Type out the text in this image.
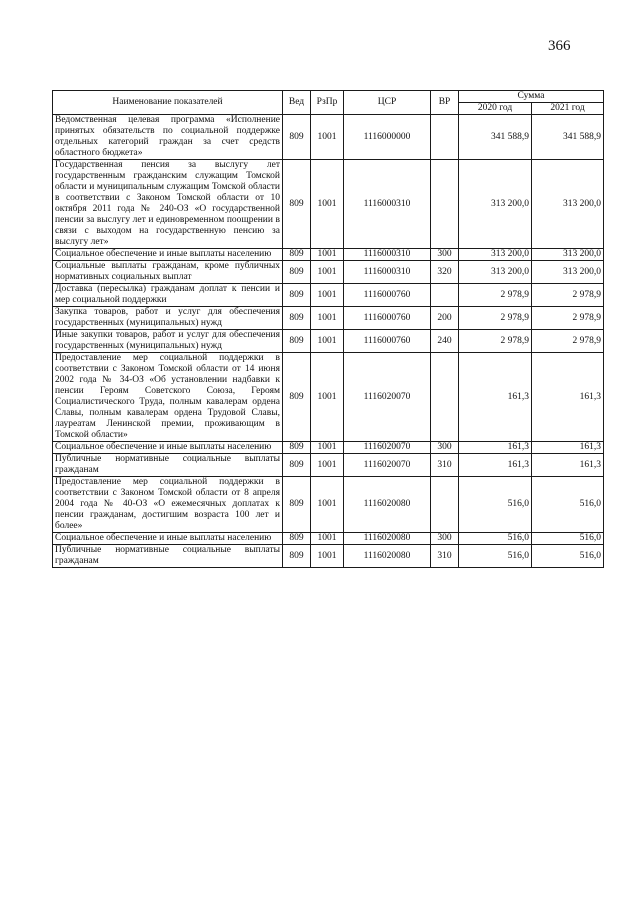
366
Наименование показателей	Вед	РзПр	ЦСР	ВР	Сумма	
					2020 год	2021 год
Ведомственная целевая программа «Исполнение принятых обязательств по социальной поддержке отдельных категорий граждан за счет средств областного бюджета»	809	1001	1116000000		341 588,9	341 588,9
Государственная пенсия за выслугу лет государственным гражданским служащим Томской области и муниципальным служащим Томской области в соответствии с Законом Томской области от 10 октября 2011 года № 240-ОЗ «О государственной пенсии за выслугу лет и единовременном поощрении в связи с выходом на государственную пенсию за выслугу лет»	809	1001	1116000310		313 200,0	313 200,0
Социальное обеспечение и иные выплаты населению	809	1001	1116000310	300	313 200,0	313 200,0
Социальные выплаты гражданам, кроме публичных нормативных социальных выплат	809	1001	1116000310	320	313 200,0	313 200,0
Доставка (пересылка) гражданам доплат к пенсии и мер социальной поддержки	809	1001	1116000760		2 978,9	2 978,9
Закупка товаров, работ и услуг для обеспечения государственных (муниципальных) нужд	809	1001	1116000760	200	2 978,9	2 978,9
Иные закупки товаров, работ и услуг для обеспечения государственных (муниципальных) нужд	809	1001	1116000760	240	2 978,9	2 978,9
Предоставление мер социальной поддержки в соответствии с Законом Томской области от 14 июня 2002 года № 34-ОЗ «Об установлении надбавки к пенсии Героям Советского Союза, Героям Социалистического Труда, полным кавалерам ордена Славы, полным кавалерам ордена Трудовой Славы, лауреатам Ленинской премии, проживающим в Томской области»	809	1001	1116020070		161,3	161,3
Социальное обеспечение и иные выплаты населению	809	1001	1116020070	300	161,3	161,3
Публичные нормативные социальные выплаты гражданам	809	1001	1116020070	310	161,3	161,3
Предоставление мер социальной поддержки в соответствии с Законом Томской области от 8 апреля 2004 года № 40-ОЗ «О ежемесячных доплатах к пенсии гражданам, достигшим возраста 100 лет и более»	809	1001	1116020080		516,0	516,0
Социальное обеспечение и иные выплаты населению	809	1001	1116020080	300	516,0	516,0
Публичные нормативные социальные выплаты гражданам	809	1001	1116020080	310	516,0	516,0
